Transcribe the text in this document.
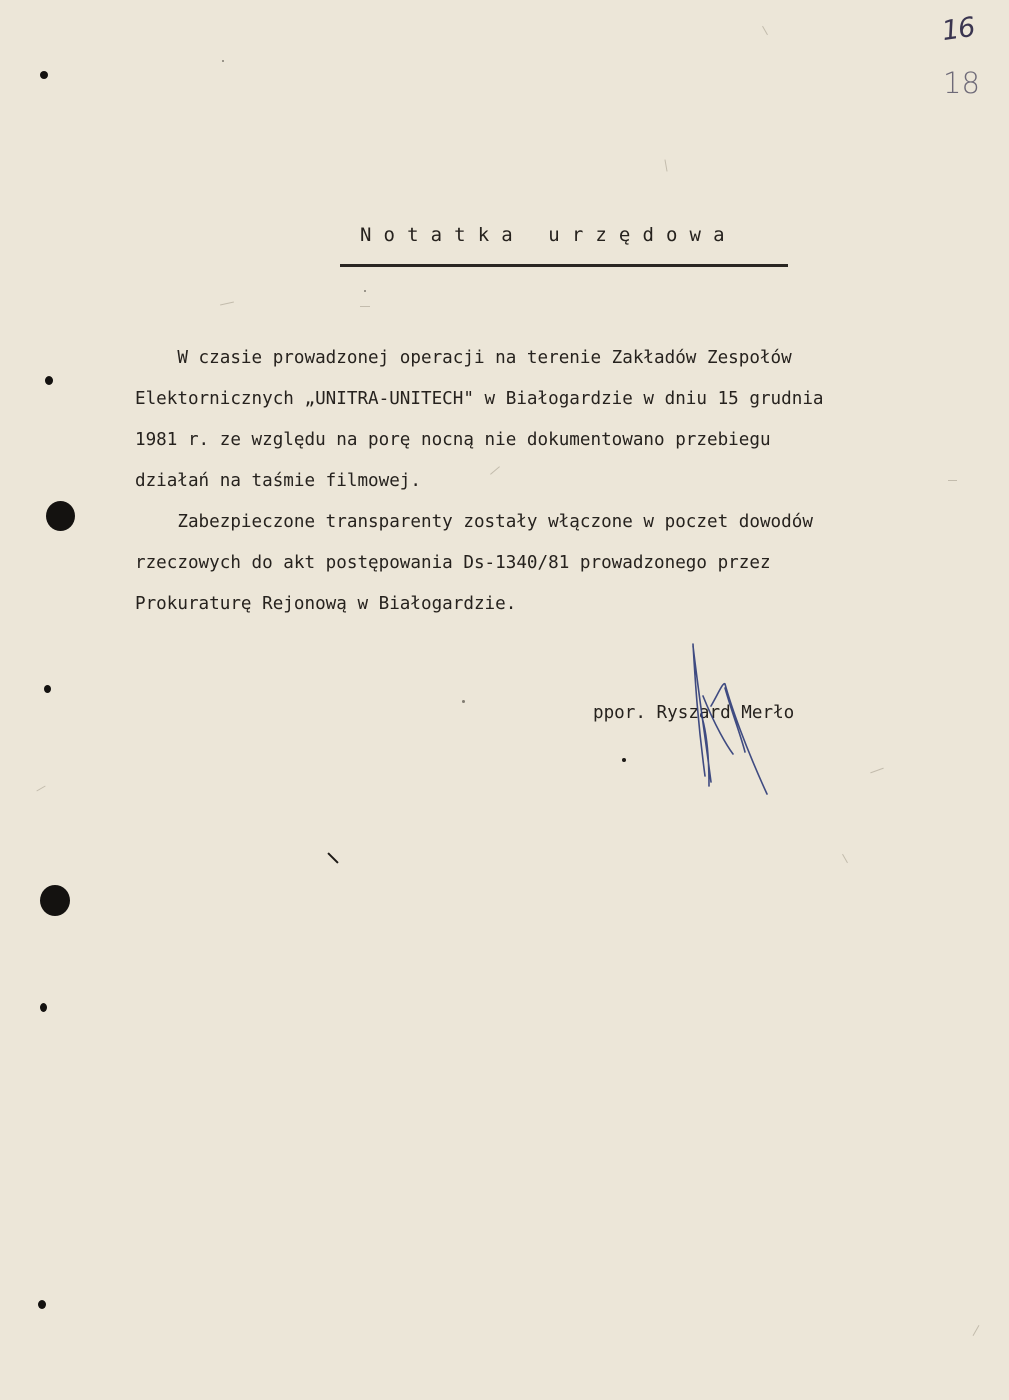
16

18

Notatka urzędowa
W czasie prowadzonej operacji na terenie Zakładów Zespołów
Elektornicznych „UNITRA-UNITECH" w Białogardzie w dniu 15 grudnia
1981 r. ze względu na porę nocną nie dokumentowano przebiegu
działań na taśmie filmowej.
Zabezpieczone transparenty zostały włączone w poczet dowodów
rzeczowych do akt postępowania Ds-1340/81 prowadzonego przez
Prokuraturę Rejonową w Białogardzie.

ppor. Ryszard Merło
